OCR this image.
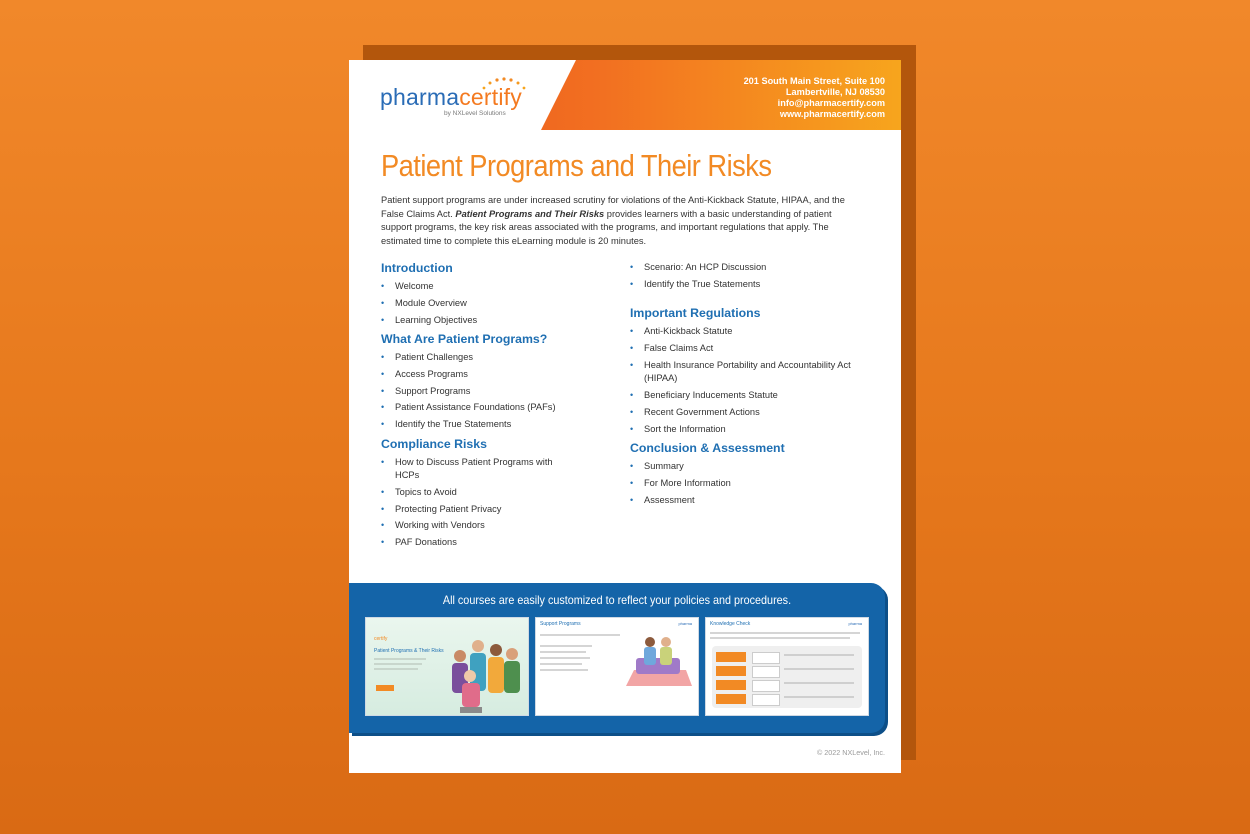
pharmacertify
by NXLevel Solutions
201 South Main Street, Suite 100
Lambertville, NJ 08530
info@pharmacertify.com
www.pharmacertify.com
Patient Programs and Their Risks
Patient support programs are under increased scrutiny for violations of the Anti-Kickback Statute, HIPAA, and the False Claims Act. Patient Programs and Their Risks provides learners with a basic understanding of patient support programs, the key risk areas associated with the programs, and important regulations that apply. The estimated time to complete this eLearning module is 20 minutes.
Introduction
• Welcome
• Module Overview
• Learning Objectives
What Are Patient Programs?
• Patient Challenges
• Access Programs
• Support Programs
• Patient Assistance Foundations (PAFs)
• Identify the True Statements
Compliance Risks
• How to Discuss Patient Programs with HCPs
• Topics to Avoid
• Protecting Patient Privacy
• Working with Vendors
• PAF Donations
• Scenario: An HCP Discussion
• Identify the True Statements
Important Regulations
• Anti-Kickback Statute
• False Claims Act
• Health Insurance Portability and Accountability Act (HIPAA)
• Beneficiary Inducements Statute
• Recent Government Actions
• Sort the Information
Conclusion & Assessment
• Summary
• For More Information
• Assessment
All courses are easily customized to reflect your policies and procedures.
certify
Patient Programs & Their Risks
Support Programs	pharma	Knowledge Check	pharma
© 2022 NXLevel, Inc.
